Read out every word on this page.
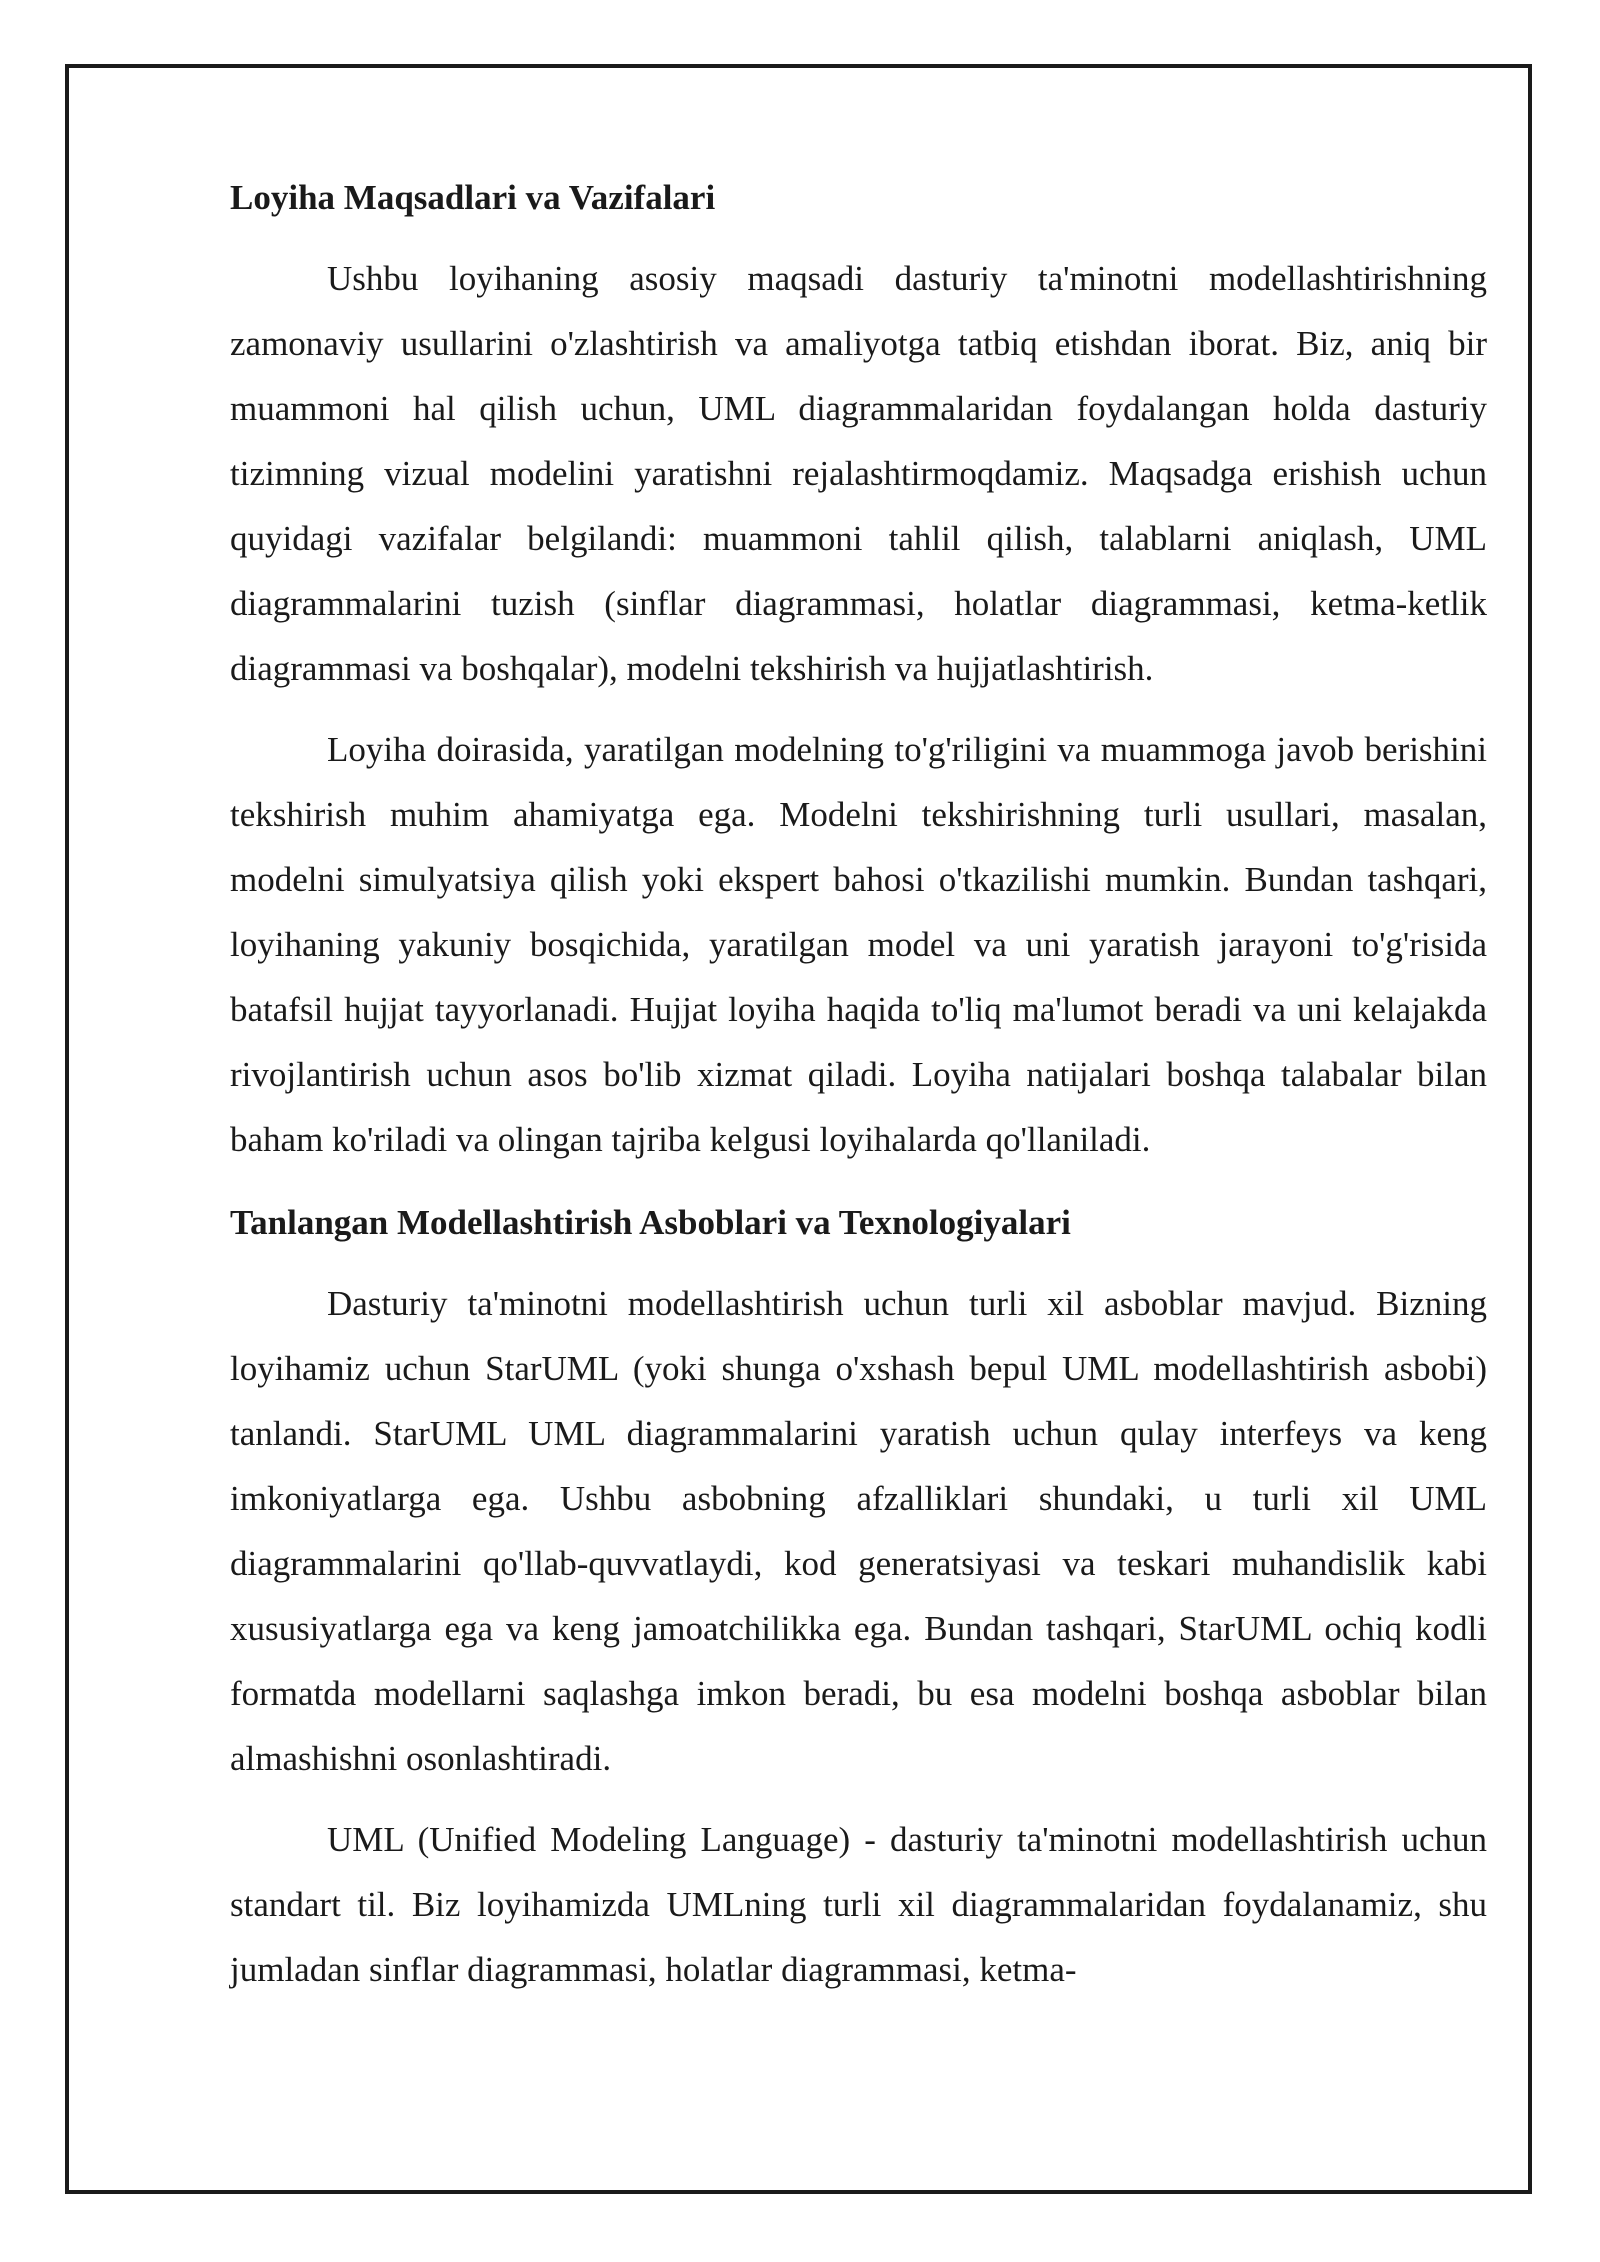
Loyiha Maqsadlari va Vazifalari

Ushbu loyihaning asosiy maqsadi dasturiy ta'minotni modellashtirishning zamonaviy usullarini o'zlashtirish va amaliyotga tatbiq etishdan iborat. Biz, aniq bir muammoni hal qilish uchun, UML diagrammalaridan foydalangan holda dasturiy tizimning vizual modelini yaratishni rejalashtirmoqdamiz. Maqsadga erishish uchun quyidagi vazifalar belgilandi: muammoni tahlil qilish, talablarni aniqlash, UML diagrammalarini tuzish (sinflar diagrammasi, holatlar diagrammasi, ketma-ketlik diagrammasi va boshqalar), modelni tekshirish va hujjatlashtirish.

Loyiha doirasida, yaratilgan modelning to'g'riligini va muammoga javob berishini tekshirish muhim ahamiyatga ega. Modelni tekshirishning turli usullari, masalan, modelni simulyatsiya qilish yoki ekspert bahosi o'tkazilishi mumkin. Bundan tashqari, loyihaning yakuniy bosqichida, yaratilgan model va uni yaratish jarayoni to'g'risida batafsil hujjat tayyorlanadi. Hujjat loyiha haqida to'liq ma'lumot beradi va uni kelajakda rivojlantirish uchun asos bo'lib xizmat qiladi. Loyiha natijalari boshqa talabalar bilan baham ko'riladi va olingan tajriba kelgusi loyihalarda qo'llaniladi.

Tanlangan Modellashtirish Asboblari va Texnologiyalari

Dasturiy ta'minotni modellashtirish uchun turli xil asboblar mavjud. Bizning loyihamiz uchun StarUML (yoki shunga o'xshash bepul UML modellashtirish asbobi) tanlandi. StarUML UML diagrammalarini yaratish uchun qulay interfeys va keng imkoniyatlarga ega. Ushbu asbobning afzalliklari shundaki, u turli xil UML diagrammalarini qo'llab-quvvatlaydi, kod generatsiyasi va teskari muhandislik kabi xususiyatlarga ega va keng jamoatchilikka ega. Bundan tashqari, StarUML ochiq kodli formatda modellarni saqlashga imkon beradi, bu esa modelni boshqa asboblar bilan almashishni osonlashtiradi.

UML (Unified Modeling Language) - dasturiy ta'minotni modellashtirish uchun standart til. Biz loyihamizda UMLning turli xil diagrammalaridan foydalanamiz, shu jumladan sinflar diagrammasi, holatlar diagrammasi, ketma-
